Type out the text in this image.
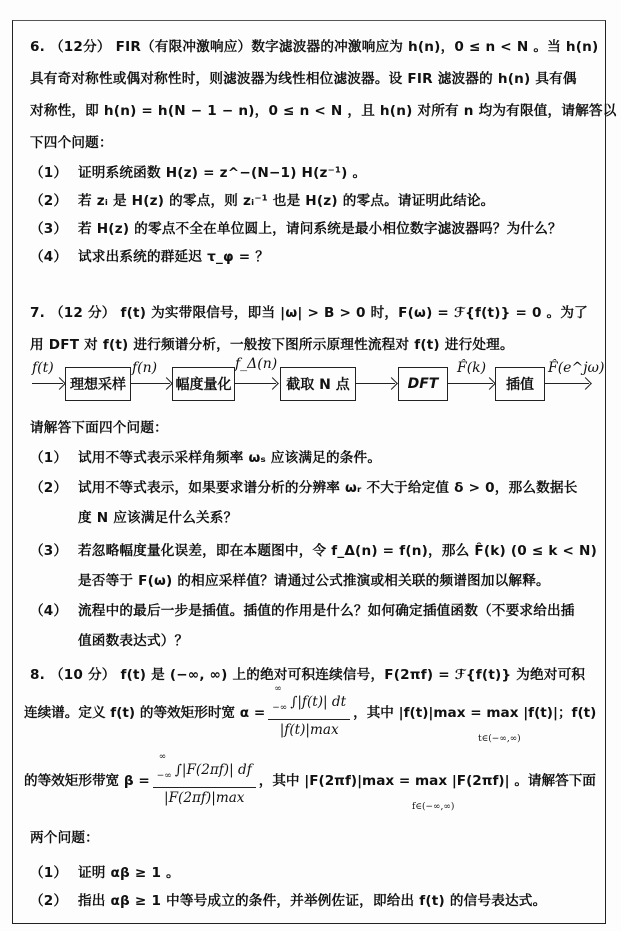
6. （12分） FIR（有限冲激响应）数字滤波器的冲激响应为 h(n)，0 ≤ n < N 。当 h(n)
具有奇对称性或偶对称性时，则滤波器为线性相位滤波器。设 FIR 滤波器的 h(n) 具有偶
对称性，即 h(n) = h(N − 1 − n)，0 ≤ n < N ，且 h(n) 对所有 n 均为有限值，请解答以
下四个问题：
（1） 证明系统函数 H(z) = z^−(N−1) H(z⁻¹) 。
（2） 若 zᵢ 是 H(z) 的零点，则 zᵢ⁻¹ 也是 H(z) 的零点。请证明此结论。
（3） 若 H(z) 的零点不全在单位圆上，请问系统是最小相位数字滤波器吗？为什么？
（4） 试求出系统的群延迟 τ_φ = ？
7. （12 分） f(t) 为实带限信号，即当 |ω| > B > 0 时，F(ω) = ℱ{f(t)} = 0 。为了
用 DFT 对 f(t) 进行频谱分析，一般按下图所示原理性流程对 f(t) 进行处理。
f(t)
理想采样
f(n)
幅度量化
f_Δ(n)
截取 N 点	DFT
F̂(k)
插值
F̂(e^jω)
请解答下面四个问题：
（1） 试用不等式表示采样角频率 ωₛ 应该满足的条件。
（2） 试用不等式表示，如果要求谱分析的分辨率 ωᵣ 不大于给定值 δ > 0，那么数据长
度 N 应该满足什么关系？
（3） 若忽略幅度量化误差，即在本题图中，令 f_Δ(n) = f(n)，那么 F̂(k) (0 ≤ k < N)
是否等于 F(ω) 的相应采样值？请通过公式推演或相关联的频谱图加以解释。
（4） 流程中的最后一步是插值。插值的作用是什么？如何确定插值函数（不要求给出插
值函数表达式）？
8. （10 分） f(t) 是 (−∞, ∞) 上的绝对可积连续信号，F(2πf) = ℱ{f(t)} 为绝对可积
连续谱。定义 f(t) 的等效矩形时宽 α =
∞
$_{-\infty}$ ∫|f(t)| dt
|f(t)|max
，其中 |f(t)|max = max |f(t)|；f(t)
t∈(−∞,∞)
的等效矩形带宽 β =
∞
$_{-\infty}$ ∫|F(2πf)| df
|F(2πf)|max
，其中 |F(2πf)|max = max |F(2πf)| 。请解答下面
f∈(−∞,∞)
两个问题：
（1） 证明 αβ ≥ 1 。
（2） 指出 αβ ≥ 1 中等号成立的条件，并举例佐证，即给出 f(t) 的信号表达式。
